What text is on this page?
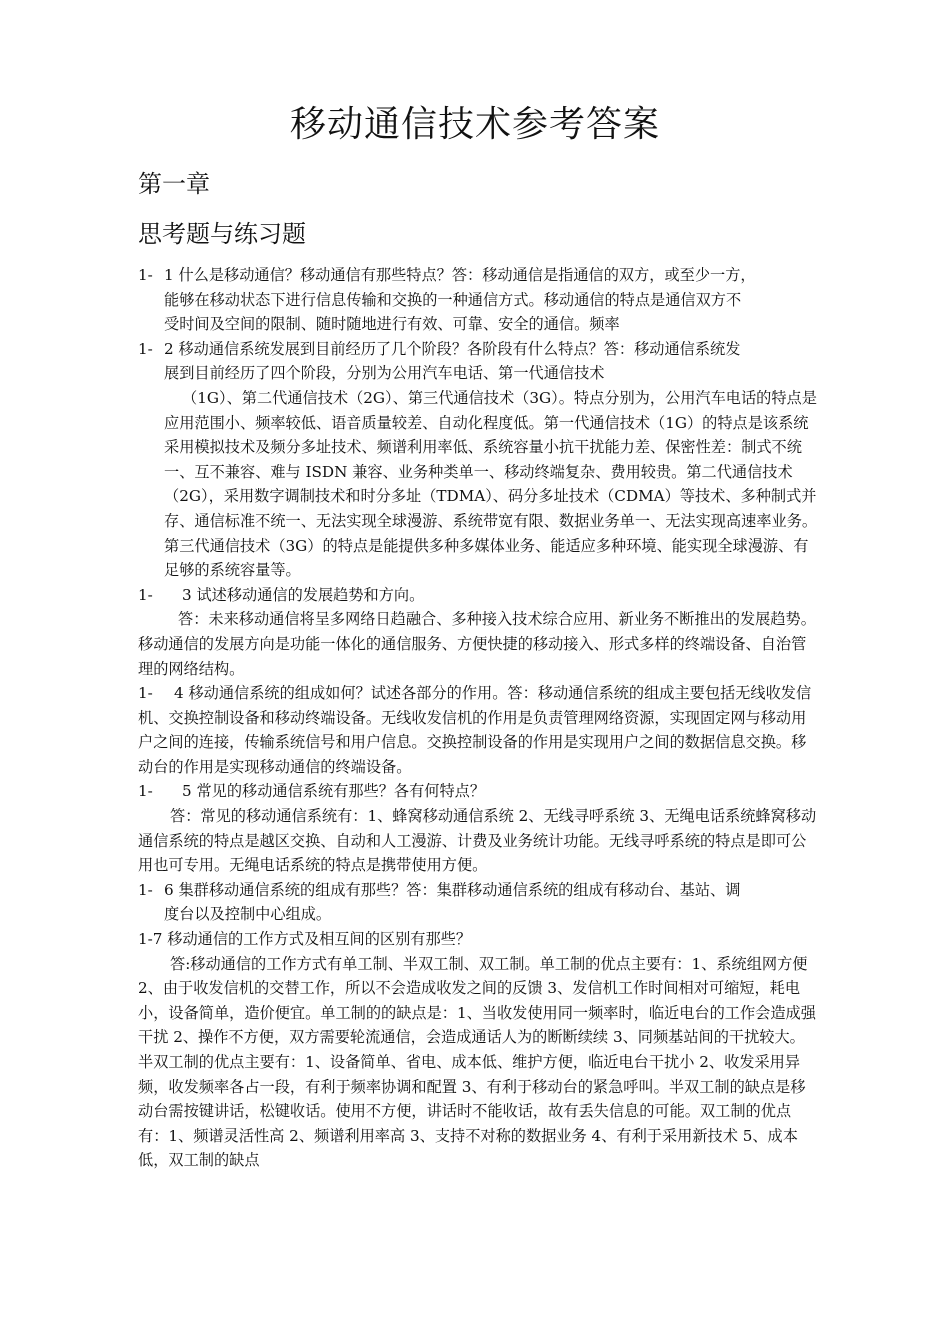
移动通信技术参考答案
第一章
思考题与练习题
1- 1 什么是移动通信？移动通信有那些特点？答：移动通信是指通信的双方，或至少一方，
能够在移动状态下进行信息传输和交换的一种通信方式。移动通信的特点是通信双方不
受时间及空间的限制、随时随地进行有效、可靠、安全的通信。频率
1- 2 移动通信系统发展到目前经历了几个阶段？各阶段有什么特点？答：移动通信系统发
展到目前经历了四个阶段，分别为公用汽车电话、第一代通信技术
（1G）、第二代通信技术（2G）、第三代通信技术（3G）。特点分别为，公用汽车电话的特点是应用范围小、频率较低、语音质量较差、自动化程度低。第一代通信技术（1G）的特点是该系统采用模拟技术及频分多址技术、频谱利用率低、系统容量小抗干扰能力差、保密性差：制式不统一、互不兼容、难与 ISDN 兼容、业务种类单一、移动终端复杂、费用较贵。第二代通信技术（2G），采用数字调制技术和时分多址（TDMA）、码分多址技术（CDMA）等技术、多种制式并存、通信标准不统一、无法实现全球漫游、系统带宽有限、数据业务单一、无法实现高速率业务。第三代通信技术（3G）的特点是能提供多种多媒体业务、能适应多种环境、能实现全球漫游、有足够的系统容量等。
1- 3 试述移动通信的发展趋势和方向。

答：未来移动通信将呈多网络日趋融合、多种接入技术综合应用、新业务不断推出的发展趋势。移动通信的发展方向是功能一体化的通信服务、方便快捷的移动接入、形式多样的终端设备、自治管理的网络结构。

1-	4 移动通信系统的组成如何？试述各部分的作用。答：移动通信系统的组成主要包括无线收发信机、交换控制设备和移动终端设备。无线收发信机的作用是负责管理网络资源，实现固定网与移动用户之间的连接，传输系统信号和用户信息。交换控制设备的作用是实现用户之间的数据信息交换。移动台的作用是实现移动通信的终端设备。

1- 5 常见的移动通信系统有那些？各有何特点？

答：常见的移动通信系统有：1、蜂窝移动通信系统 2、无线寻呼系统 3、无绳电话系统蜂窝移动通信系统的特点是越区交换、自动和人工漫游、计费及业务统计功能。无线寻呼系统的特点是即可公用也可专用。无绳电话系统的特点是携带使用方便。

1- 6 集群移动通信系统的组成有那些？答：集群移动通信系统的组成有移动台、基站、调
度台以及控制中心组成。
1-7 移动通信的工作方式及相互间的区别有那些？

答:移动通信的工作方式有单工制、半双工制、双工制。单工制的优点主要有：1、系统组网方便 2、由于收发信机的交替工作，所以不会造成收发之间的反馈 3、发信机工作时间相对可缩短，耗电小，设备简单，造价便宜。单工制的的缺点是：1、当收发使用同一频率时，临近电台的工作会造成强干扰 2、操作不方便，双方需要轮流通信，会造成通话人为的断断续续 3、同频基站间的干扰较大。半双工制的优点主要有：1、设备简单、省电、成本低、维护方便，临近电台干扰小 2、收发采用异频，收发频率各占一段，有利于频率协调和配置 3、有利于移动台的紧急呼叫。半双工制的缺点是移动台需按键讲话，松键收话。使用不方便，讲话时不能收话，故有丢失信息的可能。双工制的优点有：1、频谱灵活性高 2、频谱利用率高 3、支持不对称的数据业务 4、有利于采用新技术 5、成本低，双工制的缺点
